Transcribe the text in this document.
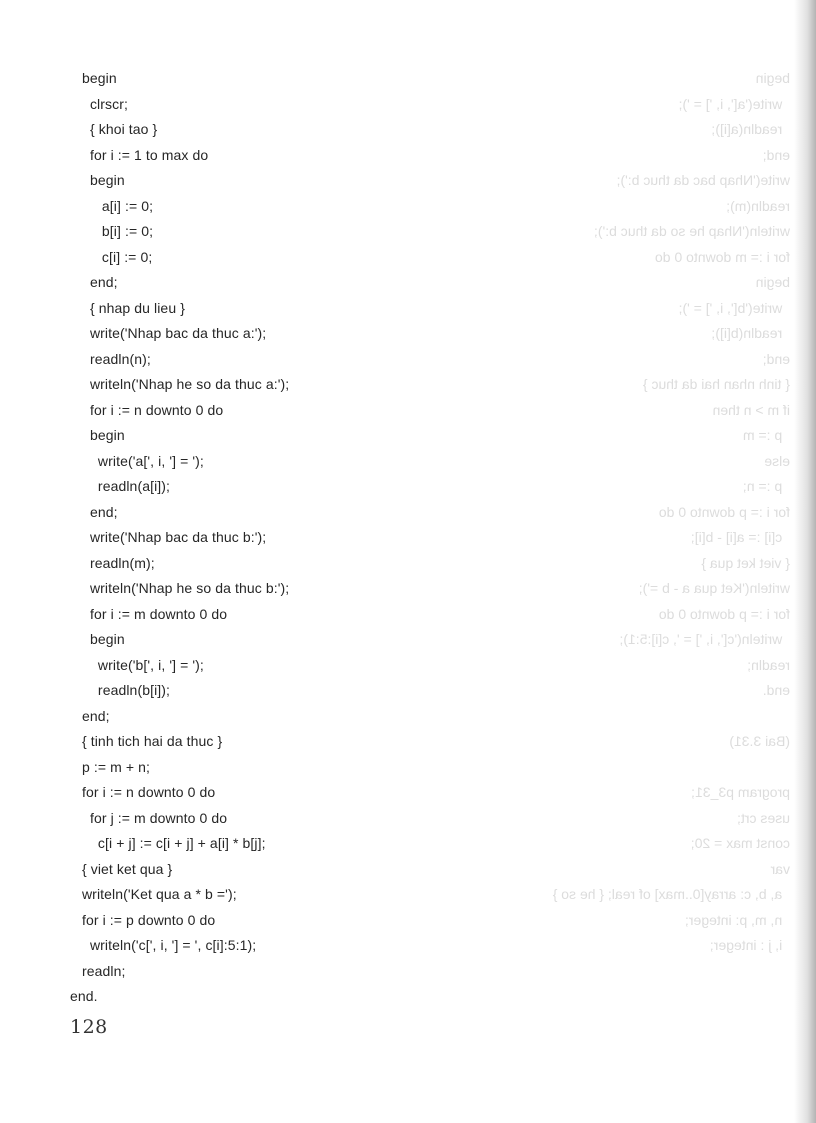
begin
write('a[', i, '] = ');
readln(a[i]);
end;
write('Nhap bac da thuc b:');
readln(m);
writeln('Nhap he so da thuc b:');
for i := m downto 0 do
begin
write('b[', i, '] = ');
readln(b[i]);
end;
{ tinh nhan hai da thuc }
if m > n then
p := m
else
p := n;
for i := p downto 0 do
c[i] := a[i] - b[i];
{ viet ket qua }
writeln('Ket qua a - b =');
for i := p downto 0 do
writeln('c[', i, '] = ', c[i]:5:1);
readln;
end.
(Bai 3.31)
program p3_31;
uses crt;
const max = 20;
var
a, b, c: array[0..max] of real; { he so }
n, m, p: integer;
i, j : integer;
begin
clrscr;
{ khoi tao }
for i := 1 to max do
begin
a[i] := 0;
b[i] := 0;
c[i] := 0;
end;
{ nhap du lieu }
write('Nhap bac da thuc a:');
readln(n);
writeln('Nhap he so da thuc a:');
for i := n downto 0 do
begin
write('a[', i, '] = ');
readln(a[i]);
end;
write('Nhap bac da thuc b:');
readln(m);
writeln('Nhap he so da thuc b:');
for i := m downto 0 do
begin
write('b[', i, '] = ');
readln(b[i]);
end;
{ tinh tich hai da thuc }
p := m + n;
for i := n downto 0 do
for j := m downto 0 do
c[i + j] := c[i + j] + a[i] * b[j];
{ viet ket qua }
writeln('Ket qua a * b =');
for i := p downto 0 do
writeln('c[', i, '] = ', c[i]:5:1);
readln;
end.
128
